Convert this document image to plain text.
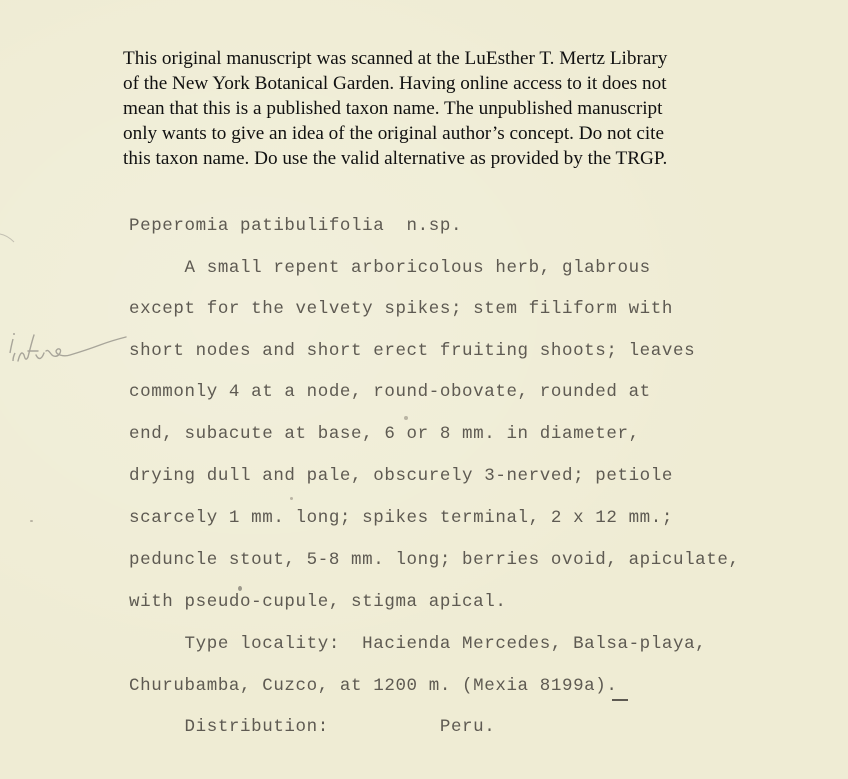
This original manuscript was scanned at the LuEsther T. Mertz Library
of the New York Botanical Garden. Having online access to it does not
mean that this is a published taxon name. The unpublished manuscript
only wants to give an idea of the original author’s concept. Do not cite
this taxon name. Do use the valid alternative as provided by the TRGP.
Peperomia patibulifolia  n.sp.
A small repent arboricolous herb, glabrous
except for the velvety spikes; stem filiform with
short nodes and short erect fruiting shoots; leaves
commonly 4 at a node, round-obovate, rounded at
end, subacute at base, 6 or 8 mm. in diameter,
drying dull and pale, obscurely 3-nerved; petiole
scarcely 1 mm. long; spikes terminal, 2 x 12 mm.;
peduncle stout, 5-8 mm. long; berries ovoid, apiculate,
with pseudo-cupule, stigma apical.
Type locality:  Hacienda Mercedes, Balsa-playa,
Churubamba, Cuzco, at 1200 m. (Mexia 8199a).
Distribution:          Peru.
